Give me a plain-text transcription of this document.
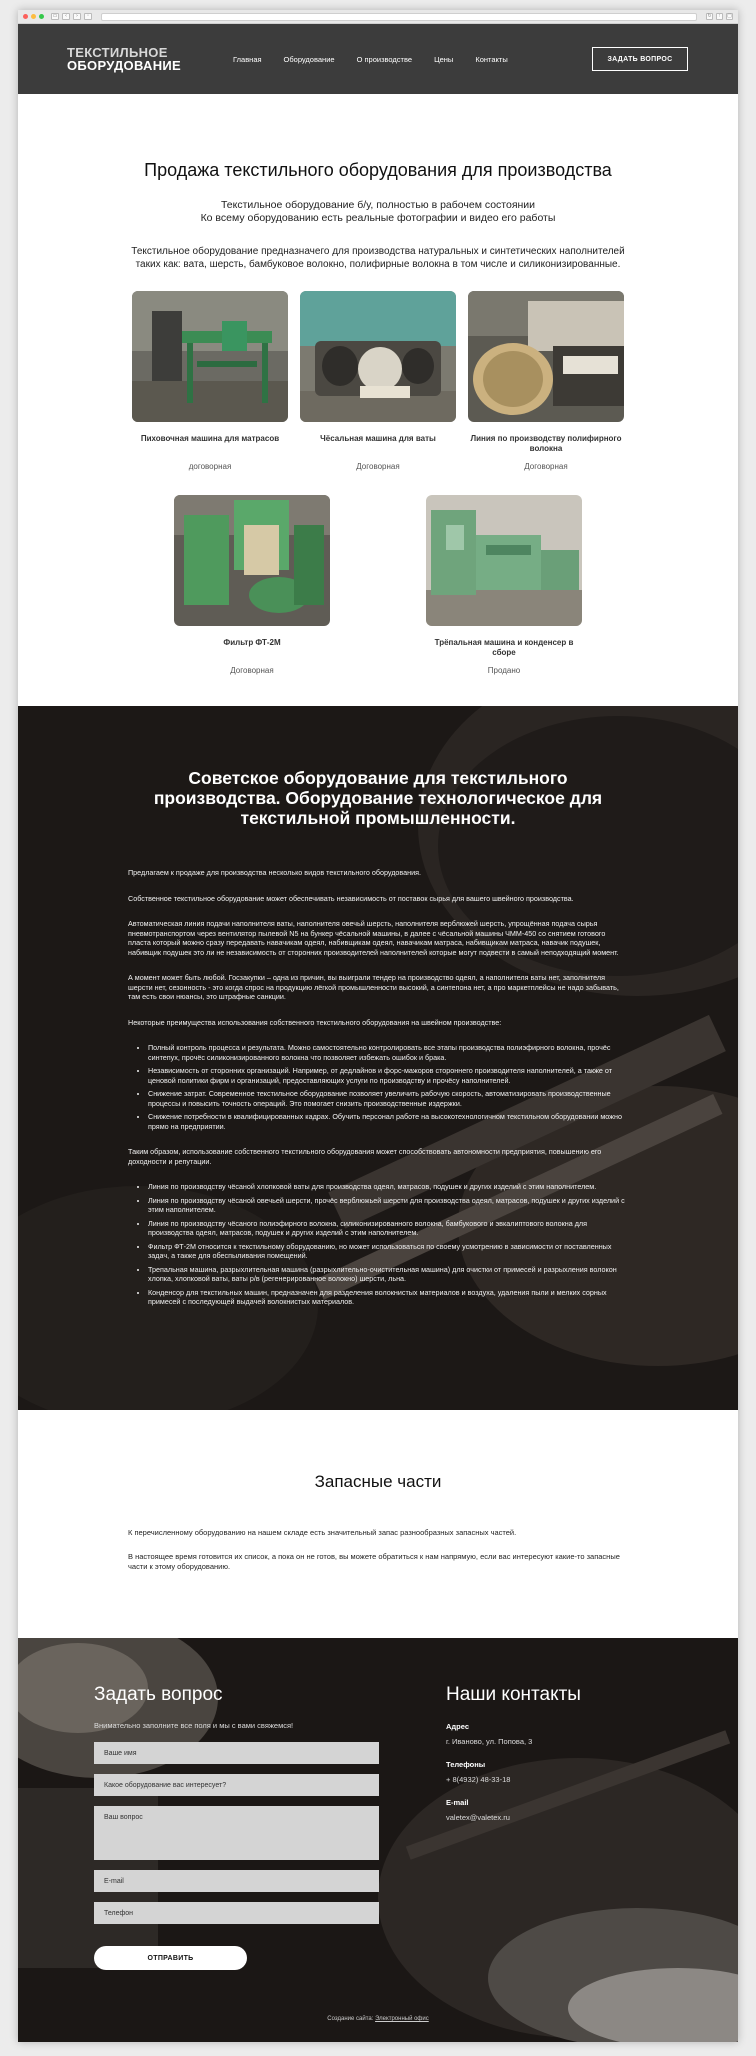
▭	‹	›	◦	↻	↑	▢
ТЕКСТИЛЬНОЕ
ОБОРУДОВАНИЕ	Главная	Оборудование	О производстве	Цены	Контакты	ЗАДАТЬ ВОПРОС
Продажа текстильного оборудования для производства
Текстильное оборудование б/у, полностью в рабочем состоянии
Ко всему оборудованию есть реальные фотографии и видео его работы
Текстильное оборудование предназначего для производства натуральных и синтетических наполнителей таких как: вата, шерсть, бамбуковое волокно, полифирные волокна в том числе и силиконизированные.
Пиховочная машина для матрасов
договорная
Чёсальная машина для ваты
Договорная
Линия по производству полифирного волокна
Договорная
Фильтр ФТ-2М
Договорная
Трёпальная машина и конденсер в сборе
Продано
Советское оборудование для текстильного производства. Оборудование технологическое для текстильной промышленности.

Предлагаем к продаже для производства несколько видов текстильного оборудования.

Собственное текстильное оборудование может обеспечивать независимость от поставок сырья для вашего швейного производства.

Автоматическая линия подачи наполнителя ваты, наполнителя овечьй шерсть, наполнителя верблюжей шерсть, упрощённая подача сырья пневмотранспортом через вентилятор пылевой N5 на бункер чёсальной машины, в далее с чёсальной машины ЧММ-450 со снятием готового пласта который можно сразу передавать навачикам одеял, набивщикам одеял, навачикам матраса, набивщикам матраса, навачик подушек, набивщик подушек это ли не независимость от сторонних производителей наполнителей которые могут подвести в самый неподходящий момент.

А момент может быть любой. Госзакупки – одна из причин, вы выиграли тендер на производство одеял, а наполнителя ваты нет, заполнителя шерсти нет, сезонность - это когда спрос на продукцию лёгкой промышленности высокий, а синтепона нет, а про маркетплейсы не надо забывать, там есть свои нюансы, это штрафные санкции.

Некоторые преимущества использования собственного текстильного оборудования на швейном производстве:

• Полный контроль процесса и результата. Можно самостоятельно контролировать все этапы производства полиэфирного волокна, прочёс синтепух, прочёс силиконизированного волокна что позволяет избежать ошибок и брака.
• Независимость от сторонних организаций. Например, от дедлайнов и форс-мажоров стороннего производителя наполнителей, а также от ценовой политики фирм и организаций, предоставляющих услуги по производству и прочёсу наполнителей.
• Снижение затрат. Современное текстильное оборудование позволяет увеличить рабочую скорость, автоматизировать производственные процессы и повысить точность операций. Это помогает снизить производственные издержки.
• Снижение потребности в квалифицированных кадрах. Обучить персонал работе на высокотехнологичном текстильном оборудовании можно прямо на предприятии.

Таким образом, использование собственного текстильного оборудования может способствовать автономности предприятия, повышению его доходности и репутации.

• Линия по производству чёсаной хлопковой ваты для производства одеял, матрасов, подушек и других изделий с этим наполнителем.
• Линия по производству чёсаной овечьей шерсти, прочёс верблюжьей шерсти для производства одеял, матрасов, подушек и других изделий с этим наполнителем.
• Линия по производству чёсаного полиэфирного волокна, силиконизированного волокна, бамбукового и эвкалиптового волокна для производства одеял, матрасов, подушек и других изделий с этим наполнителем.
• Фильтр ФТ-2М относится к текстильному оборудованию, но может использоваться по своему усмотрению в зависимости от поставленных задач, а также для обеспыливания помещений.
• Трепальная машина, разрыхлительная машина (разрыхлительно-очистительная машина) для очистки от примесей и разрыхления волокон хлопка, хлопковой ваты, ваты р/в (регенерированное волокно) шерсти, льна.
• Конденсор для текстильных машин, предназначен для разделения волокнистых материалов и воздуха, удаления пыли и мелких сорных примесей с последующей выдачей волокнистых материалов.
Запасные части

К перечисленному оборудованию на нашем складе есть значительный запас разнообразных запасных частей.

В настоящее время готовится их список, а пока он не готов, вы можете обратиться к нам напрямую, если вас интересуют какие-то запасные части к этому оборудованию.

Задать вопрос
Внимательно заполните все поля и мы с вами свяжемся!
Ваше имя
Какое оборудование вас интересует?
Ваш вопрос
E-mail
Телефон
ОТПРАВИТЬ
Наши контакты
Адрес
г. Иваново, ул. Попова, 3
Телефоны
+ 8(4932) 48-33-18
E-mail
valetex@valetex.ru
Создание сайта: Электронный офис
